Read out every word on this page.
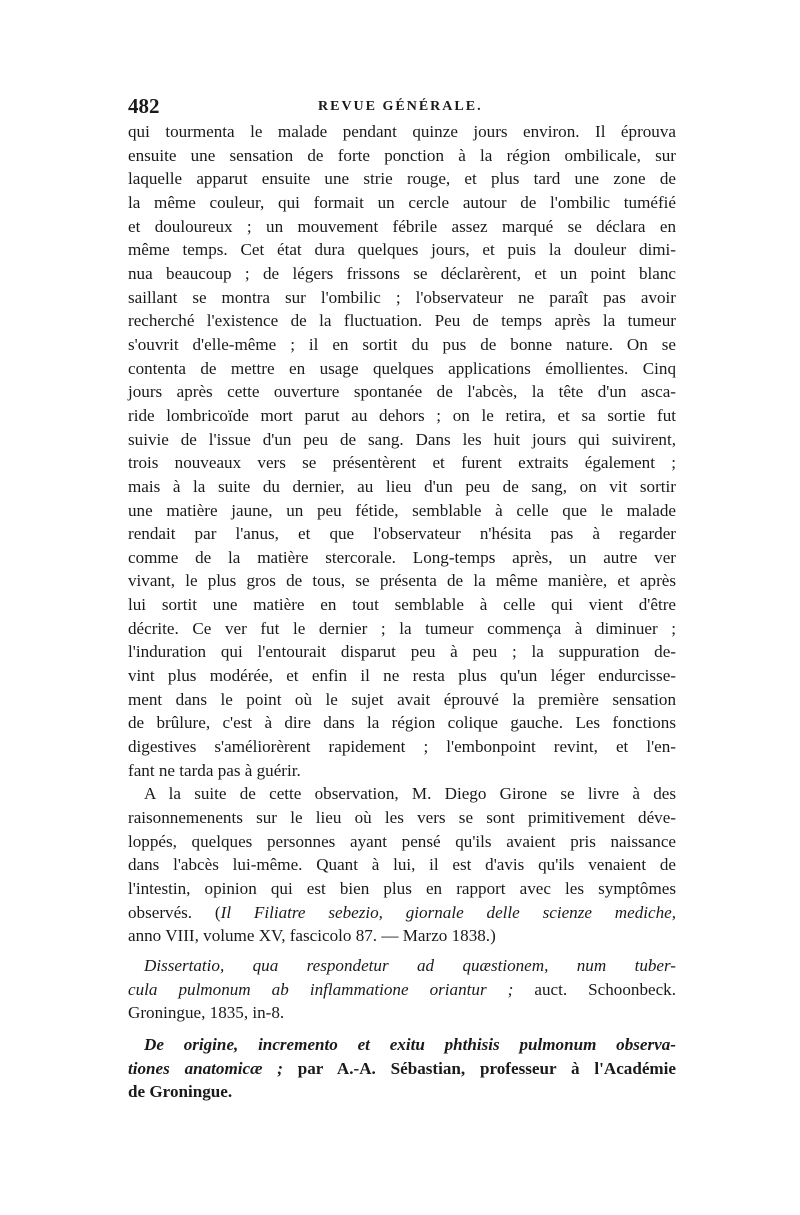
482	REVUE GÉNÉRALE.

qui tourmenta le malade pendant quinze jours environ. Il éprouva
ensuite une sensation de forte ponction à la région ombilicale, sur
laquelle apparut ensuite une strie rouge, et plus tard une zone de
la même couleur, qui formait un cercle autour de l'ombilic tuméfié
et douloureux ; un mouvement fébrile assez marqué se déclara en
même temps. Cet état dura quelques jours, et puis la douleur dimi-
nua beaucoup ; de légers frissons se déclarèrent, et un point blanc
saillant se montra sur l'ombilic ; l'observateur ne paraît pas avoir
recherché l'existence de la fluctuation. Peu de temps après la tumeur
s'ouvrit d'elle-même ; il en sortit du pus de bonne nature. On se
contenta de mettre en usage quelques applications émollientes. Cinq
jours après cette ouverture spontanée de l'abcès, la tête d'un asca-
ride lombricoïde mort parut au dehors ; on le retira, et sa sortie fut
suivie de l'issue d'un peu de sang. Dans les huit jours qui suivirent,
trois nouveaux vers se présentèrent et furent extraits également ;
mais à la suite du dernier, au lieu d'un peu de sang, on vit sortir
une matière jaune, un peu fétide, semblable à celle que le malade
rendait par l'anus, et que l'observateur n'hésita pas à regarder
comme de la matière stercorale. Long-temps après, un autre ver
vivant, le plus gros de tous, se présenta de la même manière, et après
lui sortit une matière en tout semblable à celle qui vient d'être
décrite. Ce ver fut le dernier ; la tumeur commença à diminuer ;
l'induration qui l'entourait disparut peu à peu ; la suppuration de-
vint plus modérée, et enfin il ne resta plus qu'un léger endurcisse-
ment dans le point où le sujet avait éprouvé la première sensation
de brûlure, c'est à dire dans la région colique gauche. Les fonctions
digestives s'améliorèrent rapidement ; l'embonpoint revint, et l'en-
fant ne tarda pas à guérir.

A la suite de cette observation, M. Diego Girone se livre à des
raisonnemenents sur le lieu où les vers se sont primitivement déve-
loppés, quelques personnes ayant pensé qu'ils avaient pris naissance
dans l'abcès lui-même. Quant à lui, il est d'avis qu'ils venaient de
l'intestin, opinion qui est bien plus en rapport avec les symptômes
observés. (Il Filiatre sebezio, giornale delle scienze mediche,
anno VIII, volume XV, fascicolo 87. — Marzo 1838.)

Dissertatio, qua respondetur ad quæstionem, num tuber-
cula pulmonum ab inflammatione oriantur ; auct. Schoonbeck.
Groningue, 1835, in-8.

De origine, incremento et exitu phthisis pulmonum observa-
tiones anatomicæ ; par A.-A. Sébastian, professeur à l'Académie
de Groningue.
